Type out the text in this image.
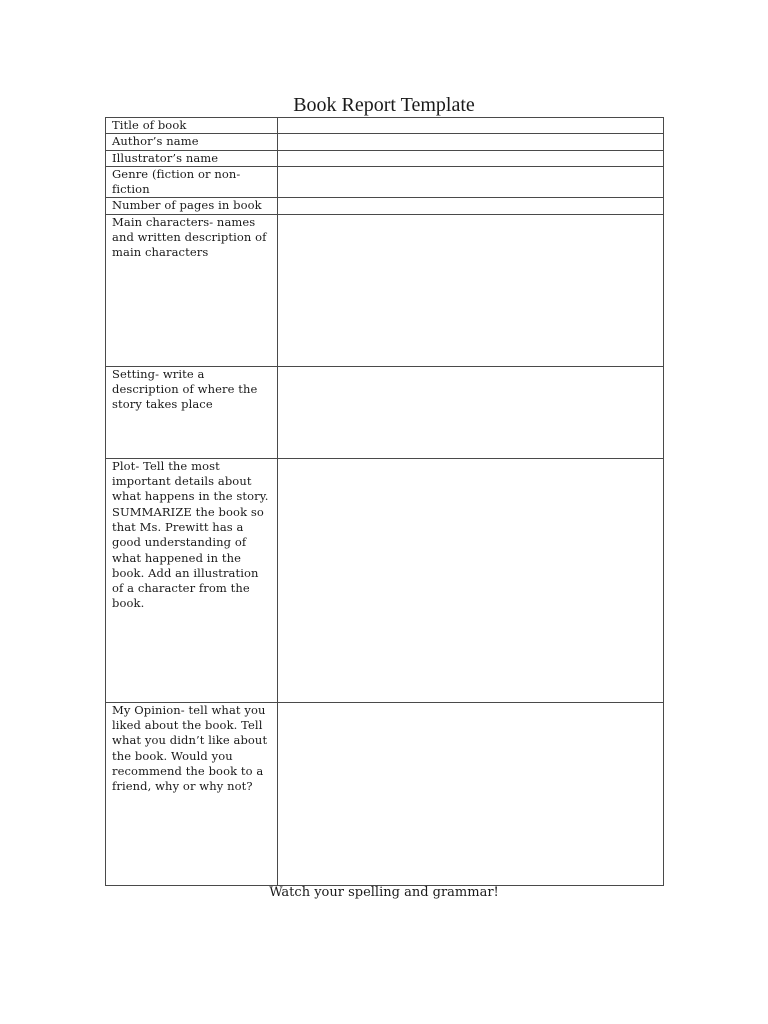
Book Report Template
Title of book	
Author’s name	
Illustrator’s name	
Genre (fiction or non-fiction	
Number of pages in book	
Main characters- names and written description of main characters	
Setting- write a description of where the story takes place	
Plot- Tell the most important details about what happens in the story. SUMMARIZE the book so that Ms. Prewitt has a good understanding of what happened in the book. Add an illustration of a character from the book.	
My Opinion- tell what you liked about the book. Tell what you didn’t like about the book. Would you recommend the book to a friend, why or why not?	
Watch your spelling and grammar!
